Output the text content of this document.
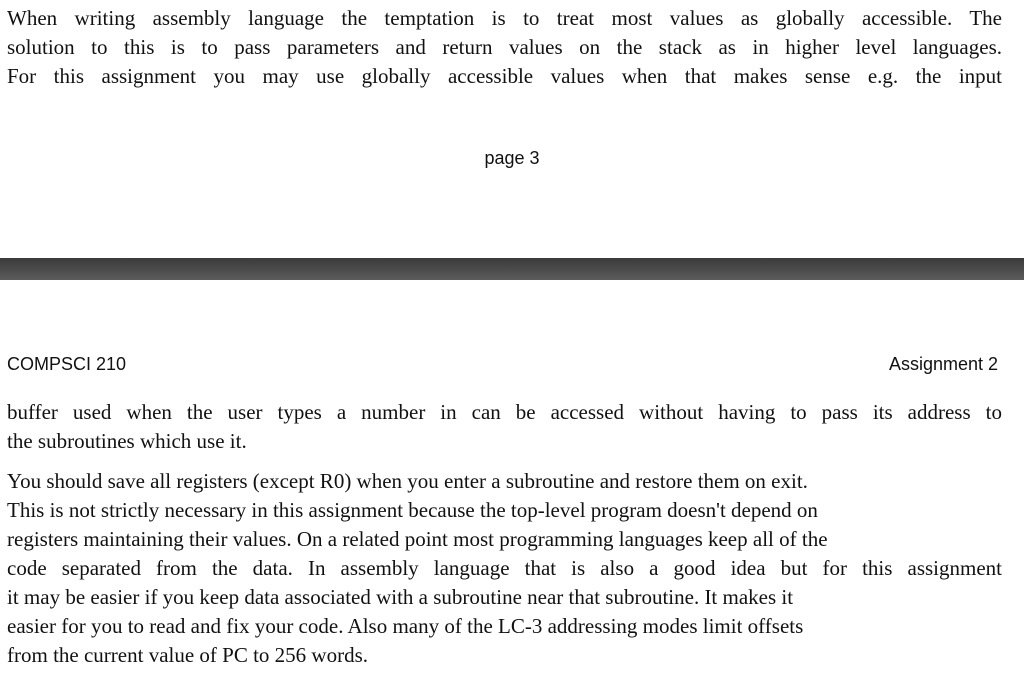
When writing assembly language the temptation is to treat most values as globally accessible. The
solution to this is to pass parameters and return values on the stack as in higher level languages.
For this assignment you may use globally accessible values when that makes sense e.g. the input
page 3
COMPSCI 210	Assignment 2
buffer used when the user types a number in can be accessed without having to pass its address to
the subroutines which use it.
You should save all registers (except R0) when you enter a subroutine and restore them on exit.
This is not strictly necessary in this assignment because the top-level program doesn't depend on
registers maintaining their values. On a related point most programming languages keep all of the
code separated from the data. In assembly language that is also a good idea but for this assignment
it may be easier if you keep data associated with a subroutine near that subroutine. It makes it
easier for you to read and fix your code. Also many of the LC-3 addressing modes limit offsets
from the current value of PC to 256 words.
